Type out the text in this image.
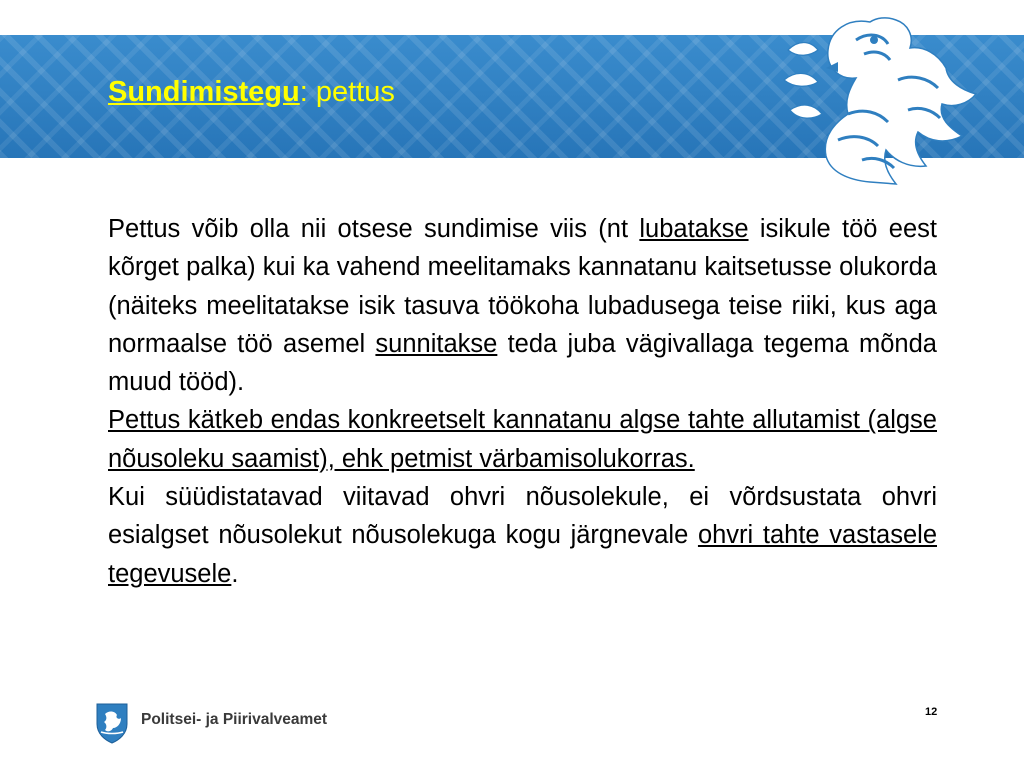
Sundimistegu: pettus

Pettus võib olla nii otsese sundimise viis (nt lubatakse isikule töö eest kõrget palka) kui ka vahend meelitamaks kannatanu kaitsetusse olukorda (näiteks meelitatakse isik tasuva töökoha lubadusega teise riiki, kus aga normaalse töö asemel sunnitakse teda juba vägivallaga tegema mõnda muud tööd).

Pettus kätkeb endas konkreetselt kannatanu algse tahte allutamist (algse nõusoleku saamist), ehk petmist värbamisolukorras.

Kui süüdistatavad viitavad ohvri nõusolekule, ei võrdsustata ohvri esialgset nõusolekut nõusolekuga kogu järgnevale ohvri tahte vastasele tegevusele.

Politsei- ja Piirivalveamet	12
